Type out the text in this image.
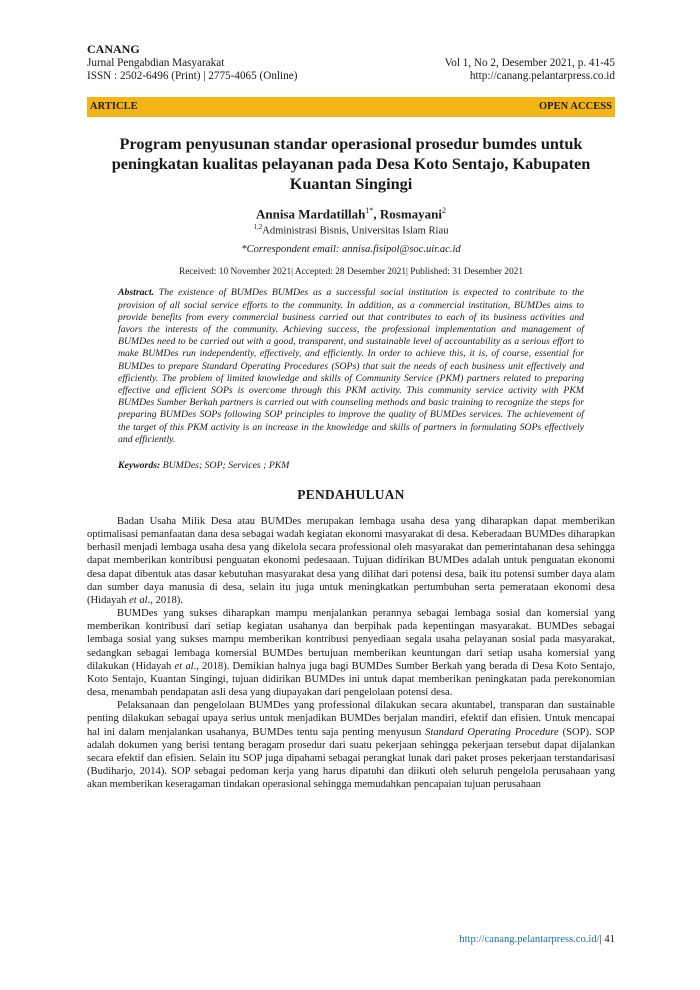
CANANG
Jurnal Pengabdian Masyarakat
ISSN : 2502-6496 (Print) | 2775-4065 (Online)
Vol 1, No 2, Desember 2021, p. 41-45
http://canang.pelantarpress.co.id
ARTICLE	OPEN ACCESS
Program penyusunan standar operasional prosedur bumdes untuk peningkatan kualitas pelayanan pada Desa Koto Sentajo, Kabupaten Kuantan Singingi
Annisa Mardatillah$^{1*}$, Rosmayani$^2$
$^{1,2}$Administrasi Bisnis, Universitas Islam Riau
*Correspondent email: annisa.fisipol@soc.uir.ac.id
Received: 10 November 2021| Accepted: 28 Desember 2021| Published: 31 Desember 2021
Abstract. The existence of BUMDes BUMDes as a successful social institution is expected to contribute to the provision of all social service efforts to the community. In addition, as a commercial institution, BUMDes aims to provide benefits from every commercial business carried out that contributes to each of its business activities and favors the interests of the community. Achieving success, the professional implementation and management of BUMDes need to be carried out with a good, transparent, and sustainable level of accountability as a serious effort to make BUMDes run independently, effectively, and efficiently. In order to achieve this, it is, of course, essential for BUMDes to prepare Standard Operating Procedures (SOPs) that suit the needs of each business unit effectively and efficiently. The problem of limited knowledge and skills of Community Service (PKM) partners related to preparing effective and efficient SOPs is overcome through this PKM activity. This community service activity with PKM BUMDes Sumber Berkah partners is carried out with counseling methods and basic training to recognize the steps for preparing BUMDes SOPs following SOP principles to improve the quality of BUMDes services. The achievement of the target of this PKM activity is an increase in the knowledge and skills of partners in formulating SOPs effectively and efficiently.
Keywords: BUMDes; SOP; Services ; PKM
PENDAHULUAN

Badan Usaha Milik Desa atau BUMDes merupakan lembaga usaha desa yang diharapkan dapat memberikan optimalisasi pemanfaatan dana desa sebagai wadah kegiatan ekonomi masyarakat di desa. Keberadaan BUMDes diharapkan berhasil menjadi lembaga usaha desa yang dikelola secara professional oleh masyarakat dan pemerintahanan desa sehingga dapat memberikan kontribusi penguatan ekonomi pedesaaan. Tujuan didirikan BUMDes adalah untuk penguatan ekonomi desa dapat dibentuk atas dasar kebutuhan masyarakat desa yang dilihat dari potensi desa, baik itu potensi sumber daya alam dan sumber daya manusia di desa, selain itu juga untuk meningkatkan pertumbuhan serta pemerataan ekonomi desa (Hidayah et al., 2018).

BUMDes yang sukses diharapkan mampu menjalankan perannya sebagai lembaga sosial dan komersial yang memberikan kontribusi dari setiap kegiatan usahanya dan berpihak pada kepentingan masyarakat. BUMDes sebagai lembaga sosial yang sukses mampu memberikan kontribusi penyediaan segala usaha pelayanan sosial pada masyarakat, sedangkan sebagai lembaga komersial BUMDes bertujuan memberikan keuntungan dari setiap usaha komersial yang dilakukan (Hidayah et al., 2018). Demikian halnya juga bagi BUMDes Sumber Berkah yang berada di Desa Koto Sentajo, Koto Sentajo, Kuantan Singingi, tujuan didirikan BUMDes ini untuk dapat memberikan peningkatan pada perekonomian desa, menambah pendapatan asli desa yang diupayakan dari pengelolaan potensi desa.

Pelaksanaan dan pengelolaan BUMDes yang professional dilakukan secara akuntabel, transparan dan sustainable penting dilakukan sebagai upaya serius untuk menjadikan BUMDes berjalan mandiri, efektif dan efisien. Untuk mencapai hal ini dalam menjalankan usahanya, BUMDes tentu saja penting menyusun Standard Operating Procedure (SOP). SOP adalah dokumen yang berisi tentang beragam prosedur dari suatu pekerjaan sehingga pekerjaan tersebut dapat dijalankan secara efektif dan efisien. Selain itu SOP juga dipahami sebagai perangkat lunak dari paket proses pekerjaan terstandarisasi (Budiharjo, 2014). SOP sebagai pedoman kerja yang harus dipatuhi dan diikuti oleh seluruh pengelola perusahaan yang akan memberikan keseragaman tindakan operasional sehingga memudahkan pencapaian tujuan perusahaan

http://canang.pelantarpress.co.id/| 41
